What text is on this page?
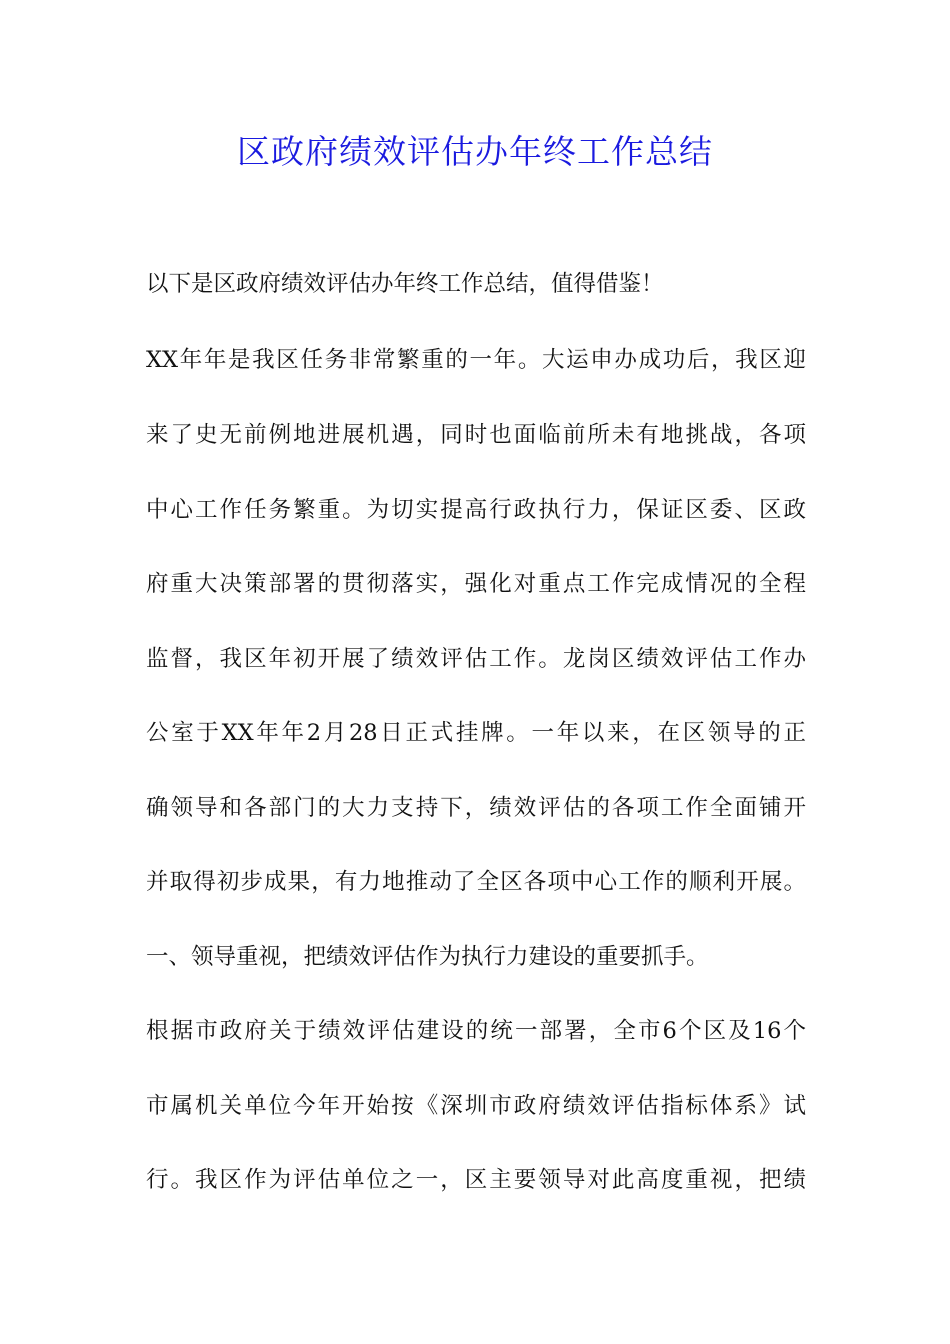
区政府绩效评估办年终工作总结
以下是区政府绩效评估办年终工作总结，值得借鉴！
XX年年是我区任务非常繁重的一年。大运申办成功后，我区迎
来了史无前例地进展机遇，同时也面临前所未有地挑战，各项
中心工作任务繁重。为切实提高行政执行力，保证区委、区政
府重大决策部署的贯彻落实，强化对重点工作完成情况的全程
监督，我区年初开展了绩效评估工作。龙岗区绩效评估工作办
公室于XX年年2月28日正式挂牌。一年以来，在区领导的正
确领导和各部门的大力支持下，绩效评估的各项工作全面铺开
并取得初步成果，有力地推动了全区各项中心工作的顺利开展。
一、领导重视，把绩效评估作为执行力建设的重要抓手。
根据市政府关于绩效评估建设的统一部署，全市6个区及16个
市属机关单位今年开始按《深圳市政府绩效评估指标体系》试
行。我区作为评估单位之一，区主要领导对此高度重视，把绩
